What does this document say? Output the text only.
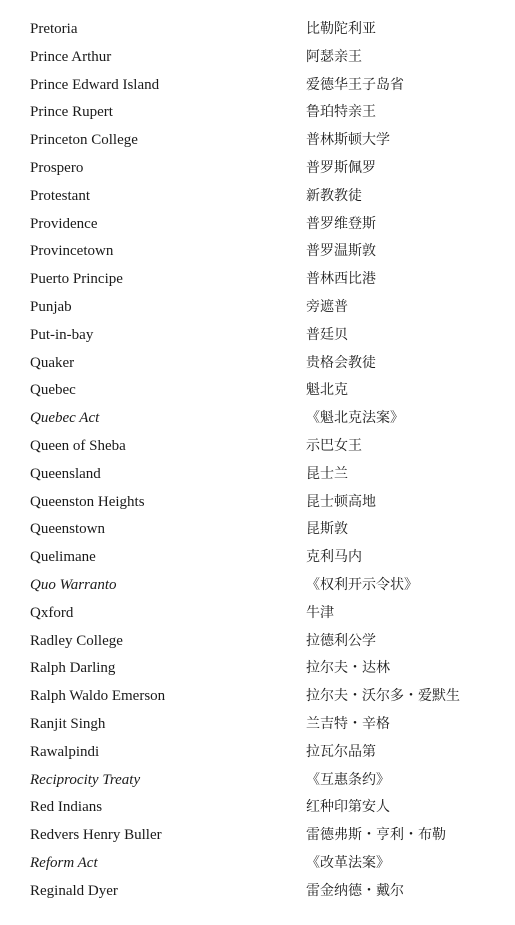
Pretoria	比勒陀利亚
Prince Arthur	阿瑟亲王
Prince Edward Island	爱德华王子岛省
Prince Rupert	鲁珀特亲王
Princeton College	普林斯顿大学
Prospero	普罗斯佩罗
Protestant	新教教徒
Providence	普罗维登斯
Provincetown	普罗温斯敦
Puerto Principe	普林西比港
Punjab	旁遮普
Put-in-bay	普廷贝
Quaker	贵格会教徒
Quebec	魁北克
Quebec Act	《魁北克法案》
Queen of Sheba	示巴女王
Queensland	昆士兰
Queenston Heights	昆士顿高地
Queenstown	昆斯敦
Quelimane	克利马内
Quo Warranto	《权利开示令状》
Qxford	牛津
Radley College	拉德利公学
Ralph Darling	拉尔夫・达林
Ralph Waldo Emerson	拉尔夫・沃尔多・爱默生
Ranjit Singh	兰吉特・辛格
Rawalpindi	拉瓦尔品第
Reciprocity Treaty	《互惠条约》
Red Indians	红种印第安人
Redvers Henry Buller	雷德弗斯・亨利・布勒
Reform Act	《改革法案》
Reginald Dyer	雷金纳德・戴尔
